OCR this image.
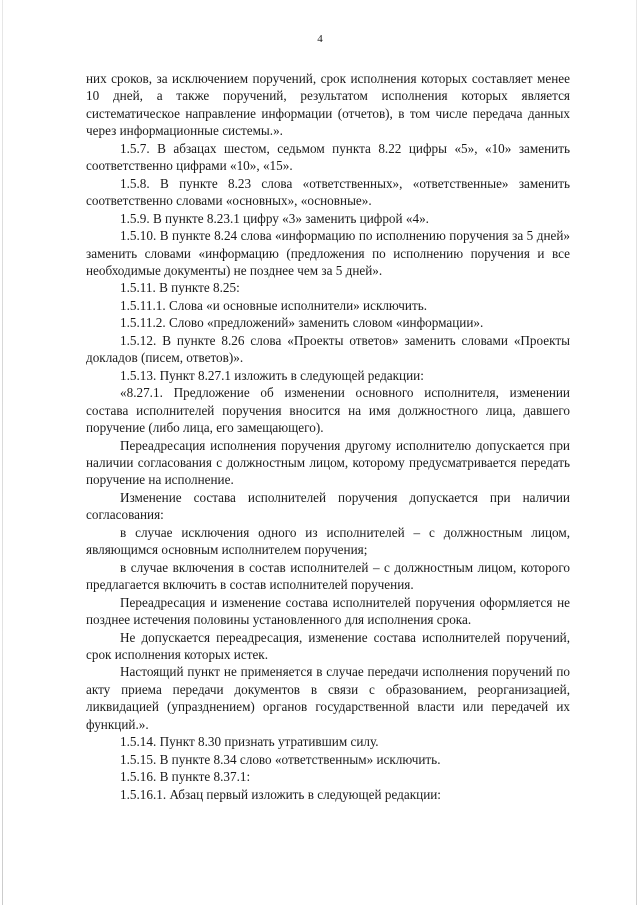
4

них сроков, за исключением поручений, срок исполнения которых составляет менее 10 дней, а также поручений, результатом исполнения которых является систематическое направление информации (отчетов), в том числе передача данных через информационные системы.».

1.5.7. В абзацах шестом, седьмом пункта 8.22 цифры «5», «10» заменить соответственно цифрами «10», «15».

1.5.8. В пункте 8.23 слова «ответственных», «ответственные» заменить соответственно словами «основных», «основные».

1.5.9. В пункте 8.23.1 цифру «3» заменить цифрой «4».

1.5.10. В пункте 8.24 слова «информацию по исполнению поручения за 5 дней» заменить словами «информацию (предложения по исполнению поручения и все необходимые документы) не позднее чем за 5 дней».

1.5.11. В пункте 8.25:

1.5.11.1. Слова «и основные исполнители» исключить.

1.5.11.2. Слово «предложений» заменить словом «информации».

1.5.12. В пункте 8.26 слова «Проекты ответов» заменить словами «Проекты докладов (писем, ответов)».

1.5.13. Пункт 8.27.1 изложить в следующей редакции:

«8.27.1. Предложение об изменении основного исполнителя, изменении состава исполнителей поручения вносится на имя должностного лица, давшего поручение (либо лица, его замещающего).

Переадресация исполнения поручения другому исполнителю допускается при наличии согласования с должностным лицом, которому предусматривается передать поручение на исполнение.

Изменение состава исполнителей поручения допускается при наличии согласования:

в случае исключения одного из исполнителей – с должностным лицом, являющимся основным исполнителем поручения;

в случае включения в состав исполнителей – с должностным лицом, которого предлагается включить в состав исполнителей поручения.

Переадресация и изменение состава исполнителей поручения оформляется не позднее истечения половины установленного для исполнения срока.

Не допускается переадресация, изменение состава исполнителей поручений, срок исполнения которых истек.

Настоящий пункт не применяется в случае передачи исполнения поручений по акту приема передачи документов в связи с образованием, реорганизацией, ликвидацией (упразднением) органов государственной власти или передачей их функций.».

1.5.14. Пункт 8.30 признать утратившим силу.

1.5.15. В пункте 8.34 слово «ответственным» исключить.

1.5.16. В пункте 8.37.1:

1.5.16.1. Абзац первый изложить в следующей редакции:
